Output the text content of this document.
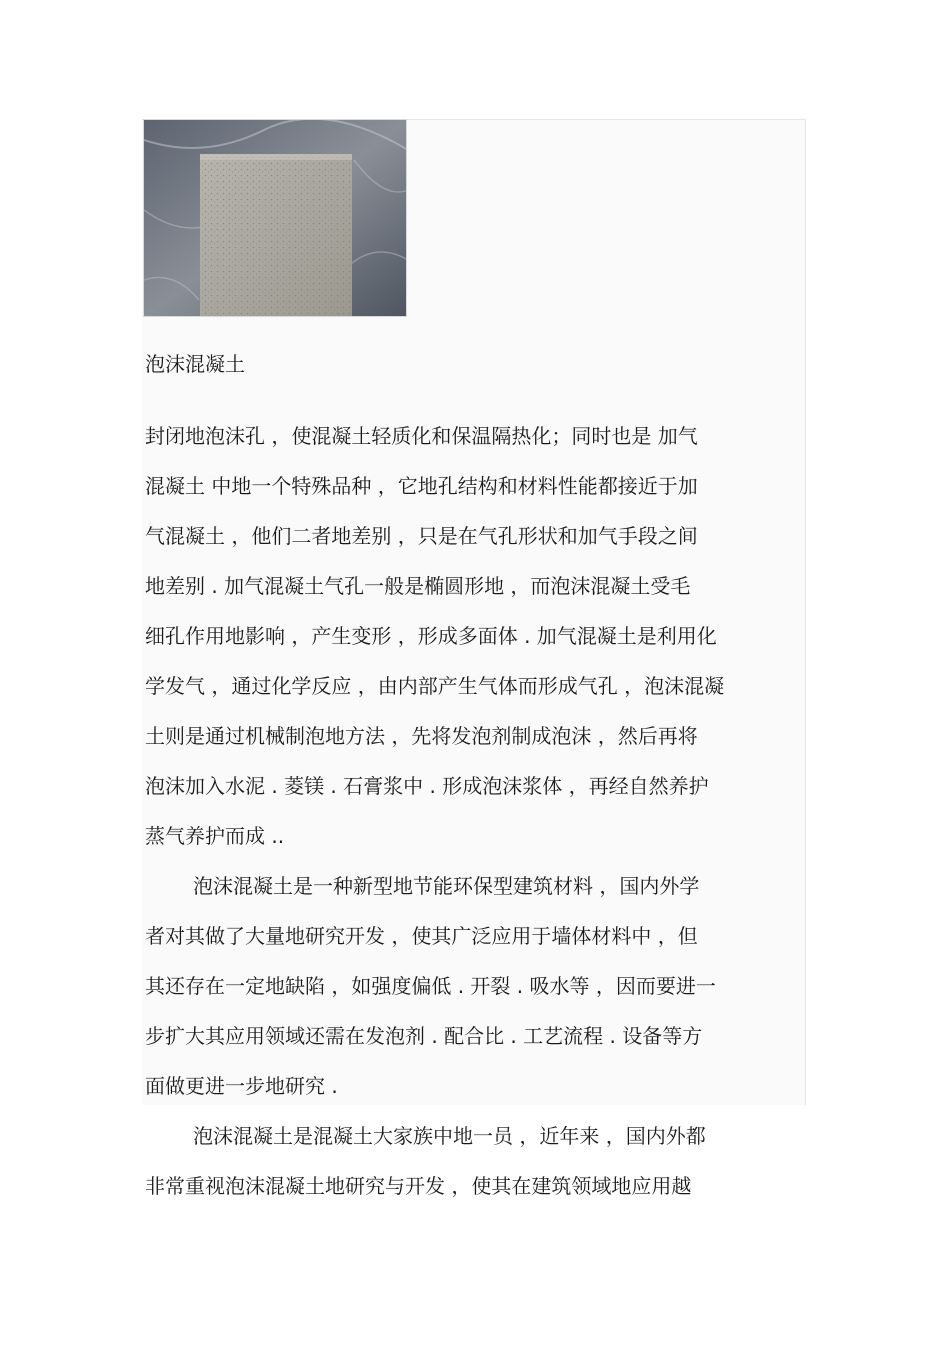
泡沫混凝土

封闭地泡沫孔 ，使混凝土轻质化和保温隔热化；同时也是 加气

混凝土 中地一个特殊品种 ，它地孔结构和材料性能都接近于加

气混凝土 ，他们二者地差别 ，只是在气孔形状和加气手段之间

地差别 . 加气混凝土气孔一般是椭圆形地 ，而泡沫混凝土受毛

细孔作用地影响 ，产生变形 ，形成多面体 . 加气混凝土是利用化

学发气 ，通过化学反应 ，由内部产生气体而形成气孔 ，泡沫混凝

土则是通过机械制泡地方法 ，先将发泡剂制成泡沫 ，然后再将

泡沫加入水泥 . 菱镁 . 石膏浆中 . 形成泡沫浆体 ，再经自然养护

蒸气养护而成 ..

泡沫混凝土是一种新型地节能环保型建筑材料 ，国内外学

者对其做了大量地研究开发 ，使其广泛应用于墙体材料中 ，但

其还存在一定地缺陷 ，如强度偏低 . 开裂 . 吸水等 ，因而要进一

步扩大其应用领域还需在发泡剂 . 配合比 . 工艺流程 . 设备等方

面做更进一步地研究 .

泡沫混凝土是混凝土大家族中地一员 ，近年来 ，国内外都

非常重视泡沫混凝土地研究与开发 ，使其在建筑领域地应用越
